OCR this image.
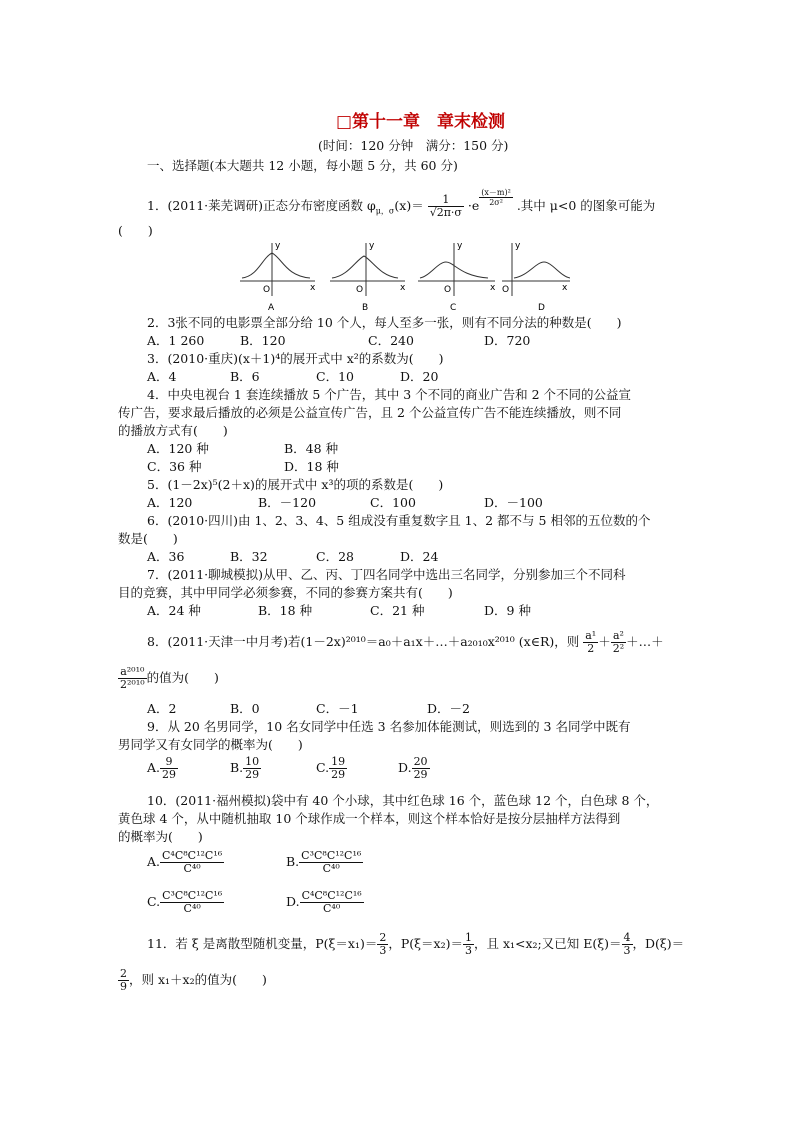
□第十一章　章末检测
(时间：120 分钟　满分：150 分)
一、选择题(本大题共 12 小题，每小题 5 分，共 60 分)
1．(2011·莱芜调研)正态分布密度函数 $\varphi_{\mu,\sigma}(x)= \frac{1}{√2\pi\cdot\sigma} \cdot e$ $^{\frac{\text{(x－m)²}}{\text{2σ²}}}$ .其中 μ<0 的图象可能为
(　　)
y
x
O
A
y
x
O
B
y
x
O
C
y
x
O
D
2．3张不同的电影票全部分给 10 个人，每人至多一张，则有不同分法的种数是(　　)
A．1 260	B．120	C．240	D．720
3．(2010·重庆)(x＋1)⁴的展开式中 x²的系数为(　　)
A．4	B．6	C．10	D．20
4．中央电视台 1 套连续播放 5 个广告，其中 3 个不同的商业广告和 2 个不同的公益宣
传广告，要求最后播放的必须是公益宣传广告，且 2 个公益宣传广告不能连续播放，则不同
的播放方式有(　　)
A．120 种	B．48 种
C．36 种	D．18 种
5．(1－2x)⁵(2＋x)的展开式中 x³的项的系数是(　　)
A．120	B．－120	C．100	D．－100
6．(2010·四川)由 1、2、3、4、5 组成没有重复数字且 1、2 都不与 5 相邻的五位数的个
数是(　　)
A．36	B．32	C．28	D．24
7．(2011·聊城模拟)从甲、乙、丙、丁四名同学中选出三名同学，分别参加三个不同科
目的竞赛，其中甲同学必须参赛，不同的参赛方案共有(　　)
A．24 种	B．18 种	C．21 种	D．9 种
8．(2011·天津一中月考)若(1－2x)²⁰¹⁰＝a₀＋a₁x＋…＋a₂₀₁₀x²⁰¹⁰ (x∈R)，则 $\frac{\text{a¹}}{2} + \frac{\text{a²}}{\text{2²}}$ ＋…＋
$\frac{\text{a²⁰¹⁰}}{\text{2²⁰¹⁰}}$ 的值为(　　)
A．2	B．0	C．－1	D．－2
9．从 20 名男同学，10 名女同学中任选 3 名参加体能测试，则选到的 3 名同学中既有
男同学又有女同学的概率为(　　)
A. $\frac{9}{29}$	B. $\frac{10}{29}$	C. $\frac{19}{29}$	D. $\frac{20}{29}$
10．(2011·福州模拟)袋中有 40 个小球，其中红色球 16 个，蓝色球 12 个，白色球 8 个，
黄色球 4 个，从中随机抽取 10 个球作成一个样本，则这个样本恰好是按分层抽样方法得到
的概率为(　　)
A. $\frac{\text{C⁴C⁸C¹²C¹⁶}}{\text{C⁴⁰}}$	B. $\frac{\text{C³C⁸C¹²C¹⁶}}{\text{C⁴⁰}}$
C. $\frac{\text{C³C⁸C¹²C¹⁶}}{\text{C⁴⁰}}$	D. $\frac{\text{C⁴C⁸C¹²C¹⁶}}{\text{C⁴⁰}}$
11．若 ξ 是离散型随机变量，$P(\xi=x_1)= \frac{2}{3}$ ，$P(\xi=x_2)= \frac{1}{3}$ ，且 x₁<x₂;又已知 $E(\xi)= \frac{4}{3}$ ，D(ξ)＝
$\frac{2}{9}$ ，则 x₁＋x₂的值为(　　)
